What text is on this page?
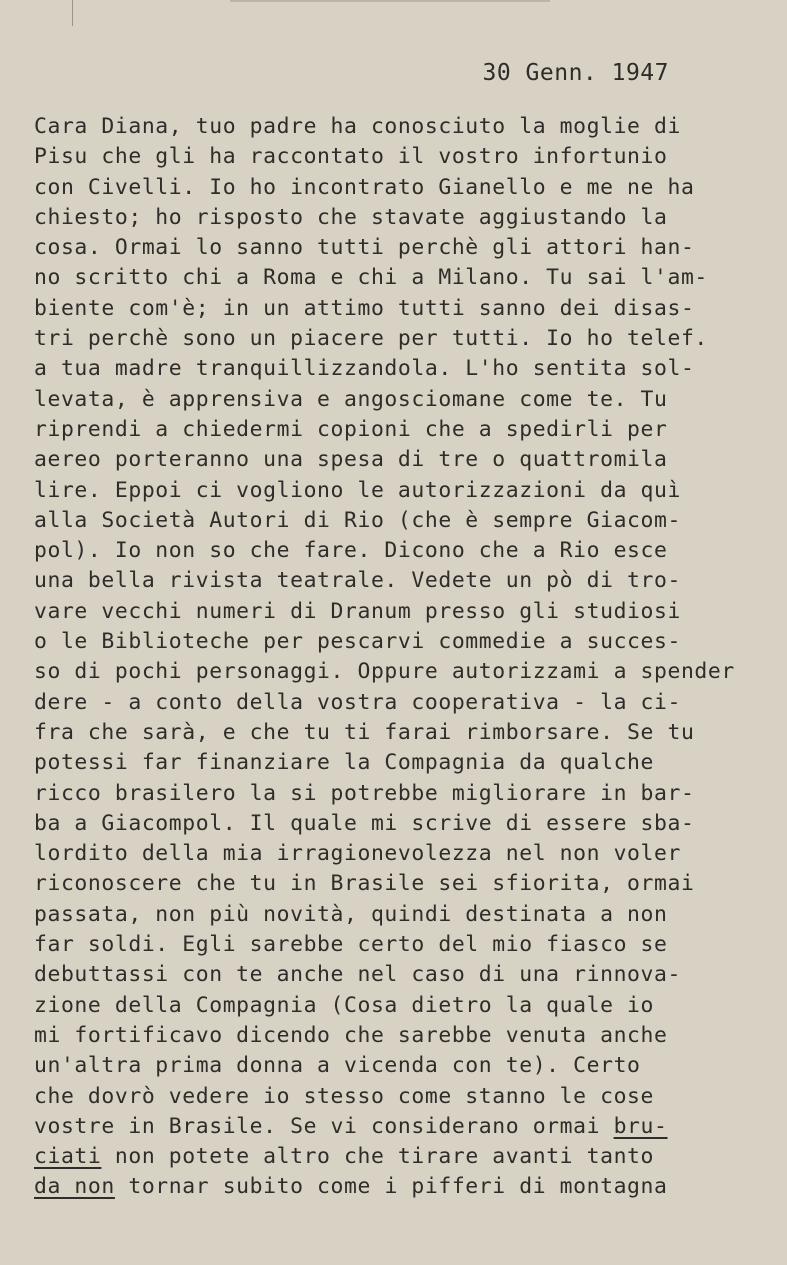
30 Genn. 1947
Cara Diana, tuo padre ha conosciuto la moglie di
Pisu che gli ha raccontato il vostro infortunio
con Civelli. Io ho incontrato Gianello e me ne ha
chiesto; ho risposto che stavate aggiustando la
cosa. Ormai lo sanno tutti perchè gli attori han-
no scritto chi a Roma e chi a Milano. Tu sai l'am-
biente com'è; in un attimo tutti sanno dei disas-
tri perchè sono un piacere per tutti. Io ho telef.
a tua madre tranquillizzandola. L'ho sentita sol-
levata, è apprensiva e angosciomane come te. Tu
riprendi a chiedermi copioni che a spedirli per
aereo porteranno una spesa di tre o quattromila
lire. Eppoi ci vogliono le autorizzazioni da quì
alla Società Autori di Rio (che è sempre Giacom-
pol). Io non so che fare. Dicono che a Rio esce
una bella rivista teatrale. Vedete un pò di tro-
vare vecchi numeri di Dranum presso gli studiosi
o le Biblioteche per pescarvi commedie a succes-
so di pochi personaggi. Oppure autorizzami a spender
dere - a conto della vostra cooperativa - la ci-
fra che sarà, e che tu ti farai rimborsare. Se tu
potessi far finanziare la Compagnia da qualche
ricco brasilero la si potrebbe migliorare in bar-
ba a Giacompol. Il quale mi scrive di essere sba-
lordito della mia irragionevolezza nel non voler
riconoscere che tu in Brasile sei sfiorita, ormai
passata, non più novità, quindi destinata a non
far soldi. Egli sarebbe certo del mio fiasco se
debuttassi con te anche nel caso di una rinnova-
zione della Compagnia (Cosa dietro la quale io
mi fortificavo dicendo che sarebbe venuta anche
un'altra prima donna a vicenda con te). Certo
che dovrò vedere io stesso come stanno le cose
vostre in Brasile. Se vi considerano ormai bru-
ciati non potete altro che tirare avanti tanto
da non tornar subito come i pifferi di montagna
